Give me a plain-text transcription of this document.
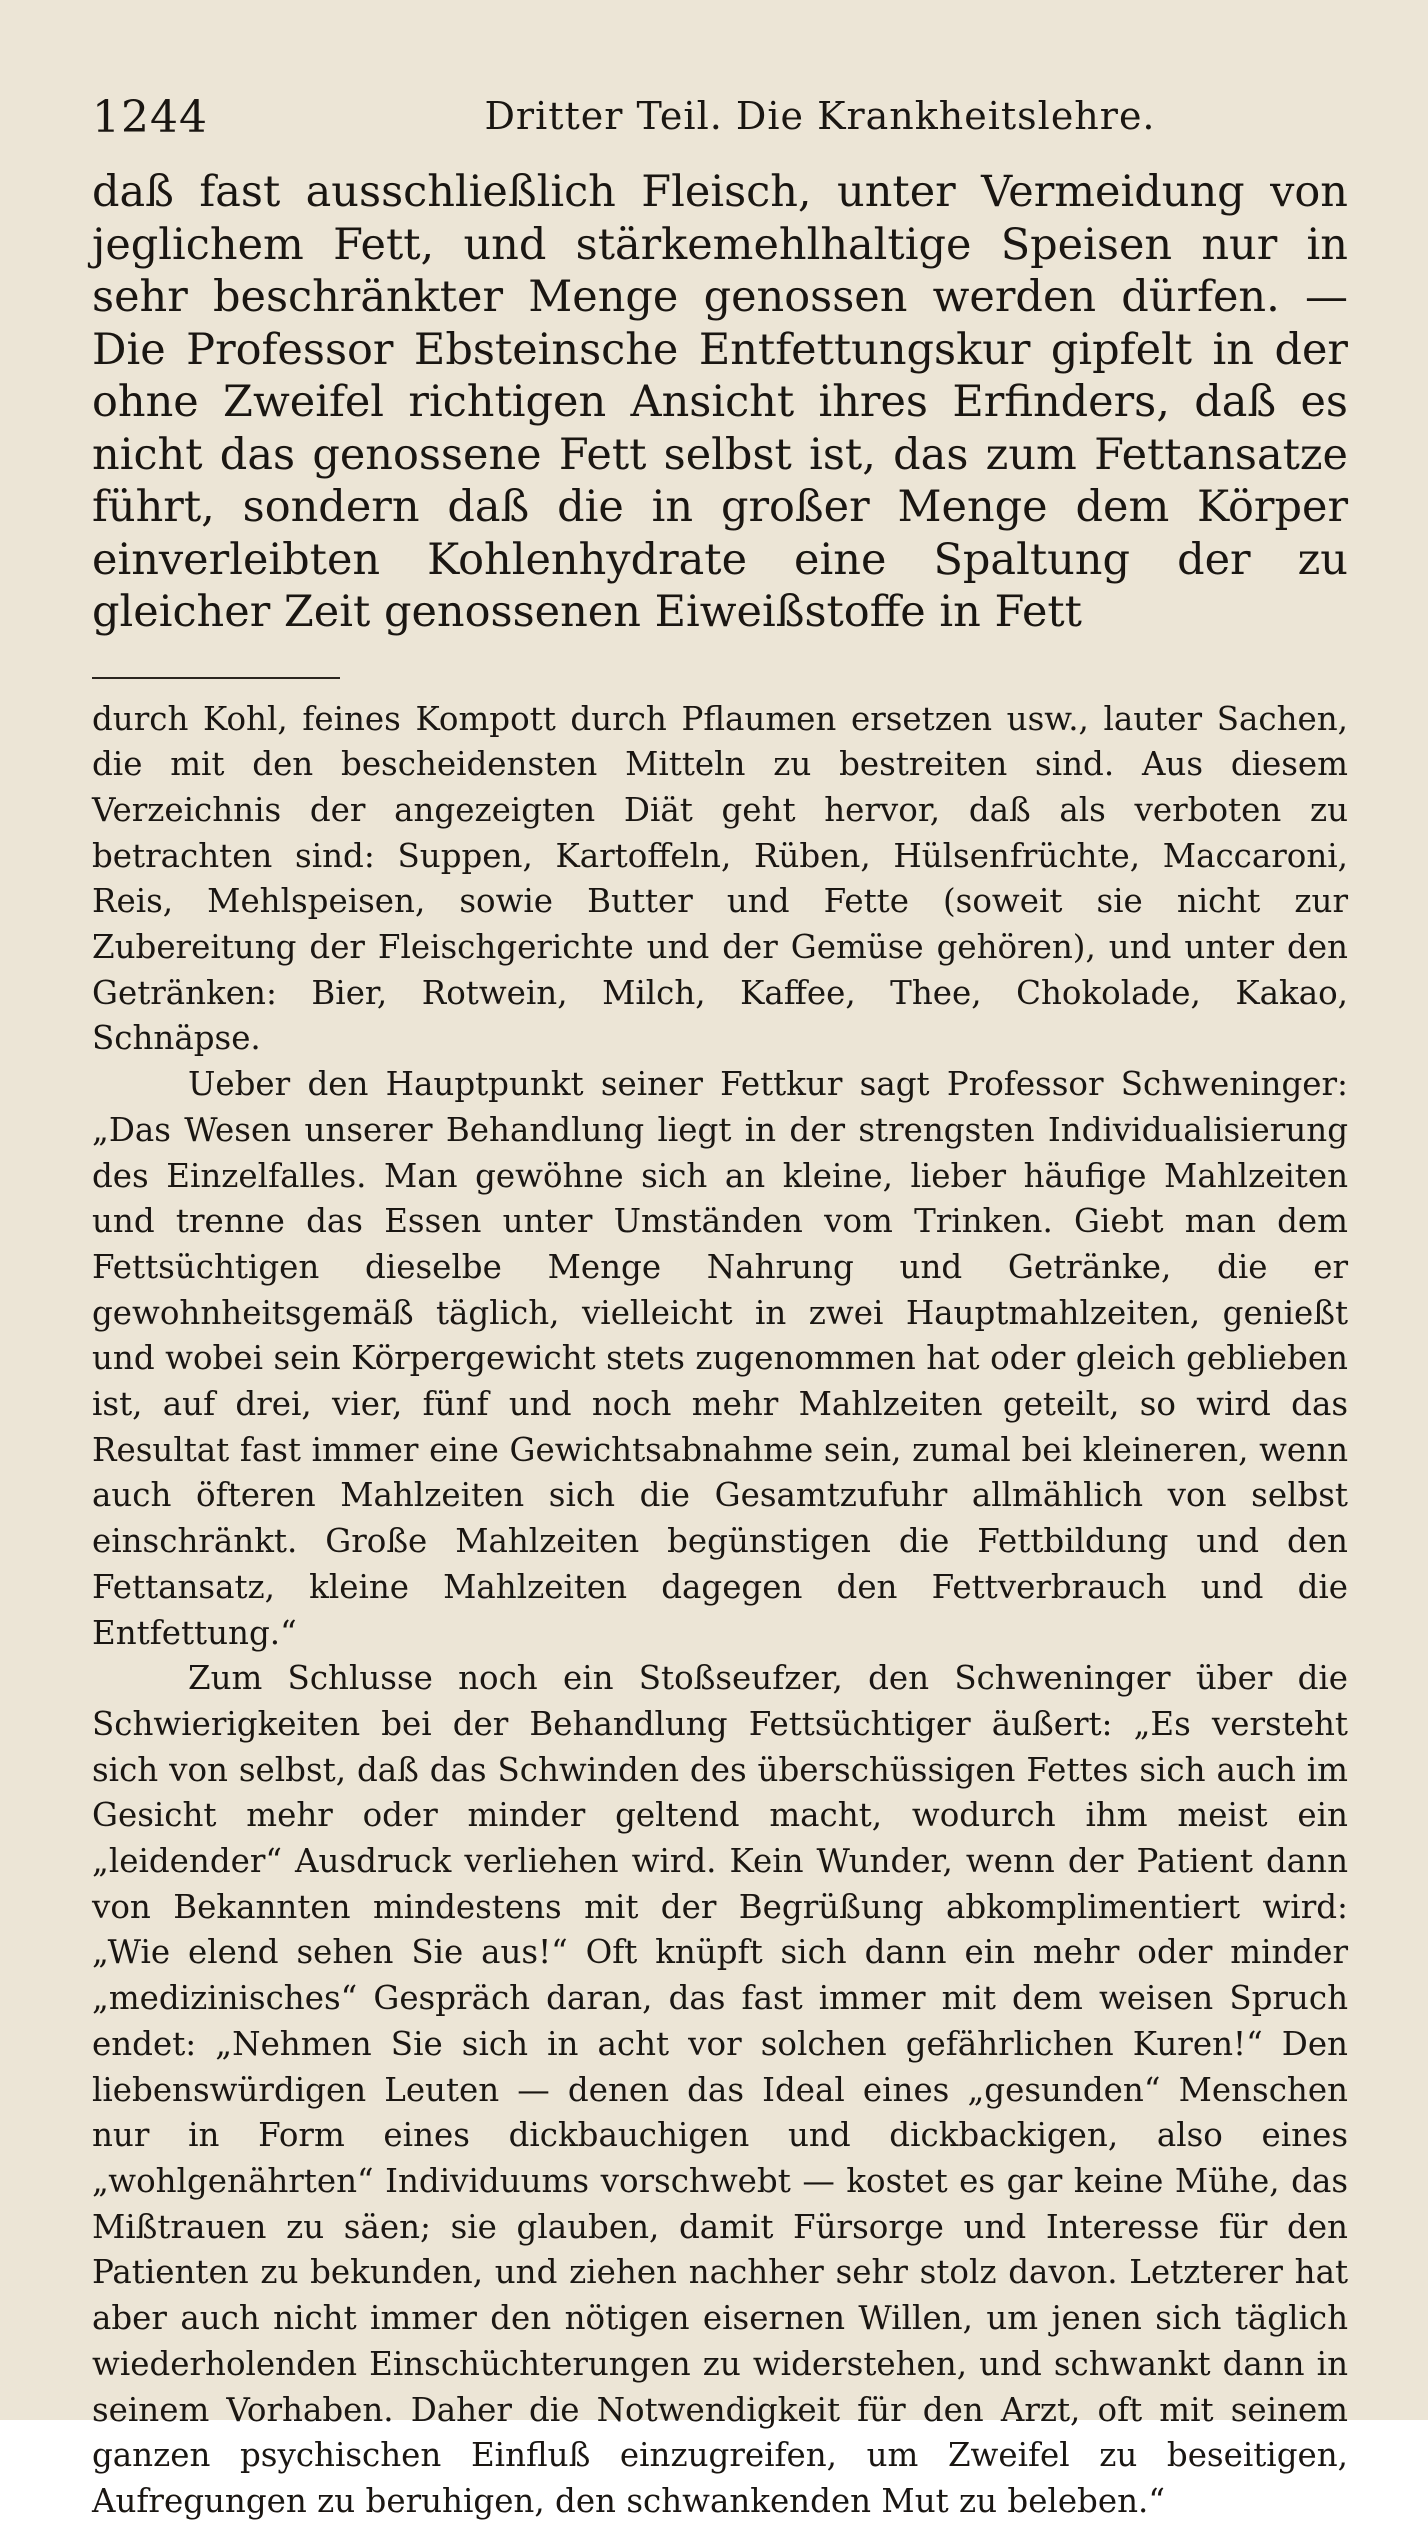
1244	Dritter Teil. Die Krankheitslehre.

daß fast ausschließlich Fleisch, unter Vermeidung von jeglichem Fett, und stärkemehlhaltige Speisen nur in sehr beschränkter Menge genossen werden dürfen. — Die Professor Ebsteinsche Entfettungskur gipfelt in der ohne Zweifel richtigen Ansicht ihres Erfinders, daß es nicht das genossene Fett selbst ist, das zum Fettansatze führt, sondern daß die in großer Menge dem Körper einverleibten Kohlenhydrate eine Spaltung der zu gleicher Zeit genossenen Eiweißstoffe in Fett

durch Kohl, feines Kompott durch Pflaumen ersetzen usw., lauter Sachen, die mit den bescheidensten Mitteln zu bestreiten sind. Aus diesem Verzeichnis der angezeigten Diät geht hervor, daß als verboten zu betrachten sind: Suppen, Kartoffeln, Rüben, Hülsenfrüchte, Maccaroni, Reis, Mehlspeisen, sowie Butter und Fette (soweit sie nicht zur Zubereitung der Fleischgerichte und der Gemüse gehören), und unter den Getränken: Bier, Rotwein, Milch, Kaffee, Thee, Chokolade, Kakao, Schnäpse.

Ueber den Hauptpunkt seiner Fettkur sagt Professor Schweninger: „Das Wesen unserer Behandlung liegt in der strengsten Individualisierung des Einzelfalles. Man gewöhne sich an kleine, lieber häufige Mahlzeiten und trenne das Essen unter Umständen vom Trinken. Giebt man dem Fettsüchtigen dieselbe Menge Nahrung und Getränke, die er gewohnheitsgemäß täglich, vielleicht in zwei Hauptmahlzeiten, genießt und wobei sein Körpergewicht stets zugenommen hat oder gleich geblieben ist, auf drei, vier, fünf und noch mehr Mahlzeiten geteilt, so wird das Resultat fast immer eine Gewichtsabnahme sein, zumal bei kleineren, wenn auch öfteren Mahlzeiten sich die Gesamtzufuhr allmählich von selbst einschränkt. Große Mahlzeiten begünstigen die Fettbildung und den Fettansatz, kleine Mahlzeiten dagegen den Fettverbrauch und die Entfettung.“

Zum Schlusse noch ein Stoßseufzer, den Schweninger über die Schwierigkeiten bei der Behandlung Fettsüchtiger äußert: „Es versteht sich von selbst, daß das Schwinden des überschüssigen Fettes sich auch im Gesicht mehr oder minder geltend macht, wodurch ihm meist ein „leidender“ Ausdruck verliehen wird. Kein Wunder, wenn der Patient dann von Bekannten mindestens mit der Begrüßung abkomplimentiert wird: „Wie elend sehen Sie aus!“ Oft knüpft sich dann ein mehr oder minder „medizinisches“ Gespräch daran, das fast immer mit dem weisen Spruch endet: „Nehmen Sie sich in acht vor solchen gefährlichen Kuren!“ Den liebenswürdigen Leuten — denen das Ideal eines „gesunden“ Menschen nur in Form eines dickbauchigen und dickbackigen, also eines „wohlgenährten“ Individuums vorschwebt — kostet es gar keine Mühe, das Mißtrauen zu säen; sie glauben, damit Fürsorge und Interesse für den Patienten zu bekunden, und ziehen nachher sehr stolz davon. Letzterer hat aber auch nicht immer den nötigen eisernen Willen, um jenen sich täglich wiederholenden Einschüchterungen zu widerstehen, und schwankt dann in seinem Vorhaben. Daher die Notwendigkeit für den Arzt, oft mit seinem ganzen psychischen Einfluß einzugreifen, um Zweifel zu beseitigen, Aufregungen zu beruhigen, den schwankenden Mut zu beleben.“
